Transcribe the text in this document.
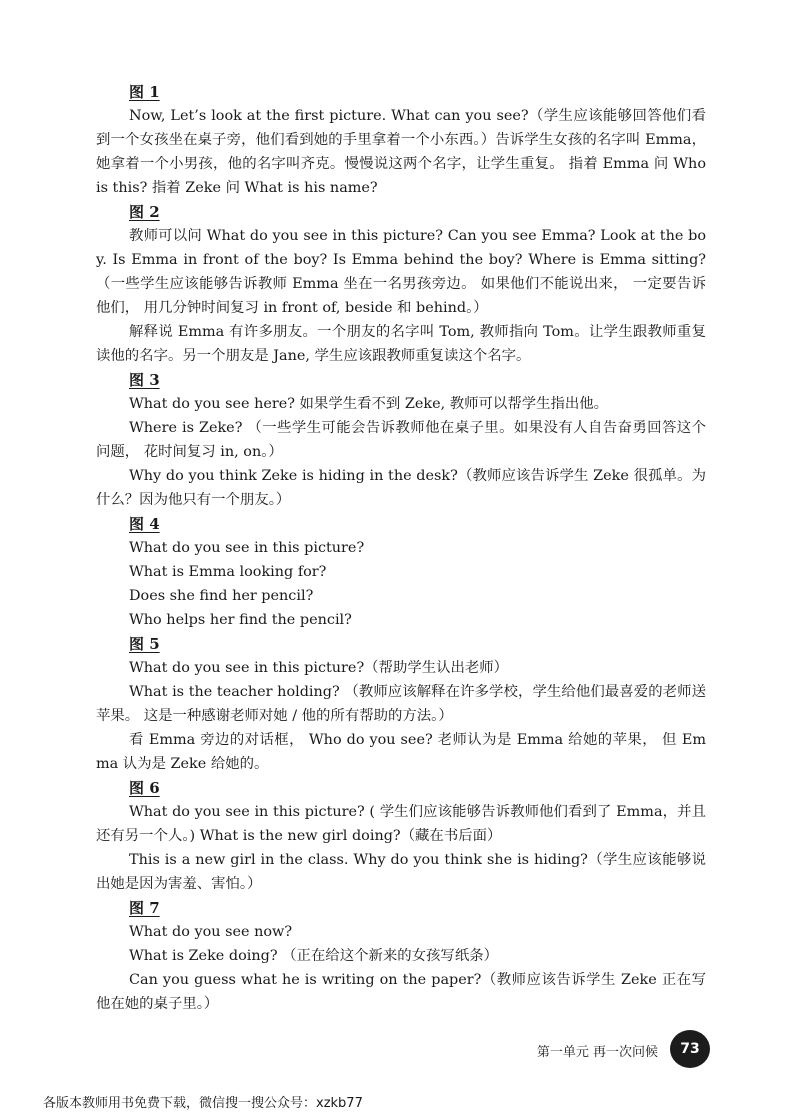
图 1

Now, Let’s look at the first picture. What can you see?（学生应该能够回答他们看到一个女孩坐在桌子旁，他们看到她的手里拿着一个小东西。）告诉学生女孩的名字叫 Emma， 她拿着一个小男孩，他的名字叫齐克。慢慢说这两个名字，让学生重复。 指着 Emma 问 Who is this? 指着 Zeke 问 What is his name?

图 2

教师可以问 What do you see in this picture? Can you see Emma? Look at the boy. Is Emma in front of the boy? Is Emma behind the boy? Where is Emma sitting?（一些学生应该能够告诉教师 Emma 坐在一名男孩旁边。 如果他们不能说出来， 一定要告诉他们， 用几分钟时间复习 in front of, beside 和 behind。）

解释说 Emma 有许多朋友。一个朋友的名字叫 Tom, 教师指向 Tom。让学生跟教师重复读他的名字。另一个朋友是 Jane, 学生应该跟教师重复读这个名字。

图 3

What do you see here? 如果学生看不到 Zeke, 教师可以帮学生指出他。

Where is Zeke? （一些学生可能会告诉教师他在桌子里。如果没有人自告奋勇回答这个问题， 花时间复习 in, on。）

Why do you think Zeke is hiding in the desk?（教师应该告诉学生 Zeke 很孤单。为什么？因为他只有一个朋友。）

图 4

What do you see in this picture?

What is Emma looking for?

Does she find her pencil?

Who helps her find the pencil?

图 5

What do you see in this picture?（帮助学生认出老师）

What is the teacher holding? （教师应该解释在许多学校，学生给他们最喜爱的老师送苹果。 这是一种感谢老师对她 / 他的所有帮助的方法。）

看 Emma 旁边的对话框， Who do you see? 老师认为是 Emma 给她的苹果， 但 Emma 认为是 Zeke 给她的。

图 6

What do you see in this picture? ( 学生们应该能够告诉教师他们看到了 Emma，并且还有另一个人。) What is the new girl doing?（藏在书后面）

This is a new girl in the class. Why do you think she is hiding?（学生应该能够说出她是因为害羞、害怕。）

图 7

What do you see now?

What is Zeke doing? （正在给这个新来的女孩写纸条）

Can you guess what he is writing on the paper?（教师应该告诉学生 Zeke 正在写他在她的桌子里。）

第一单元 再一次问候	73
各版本教师用书免费下载，微信搜一搜公众号：xzkb77
